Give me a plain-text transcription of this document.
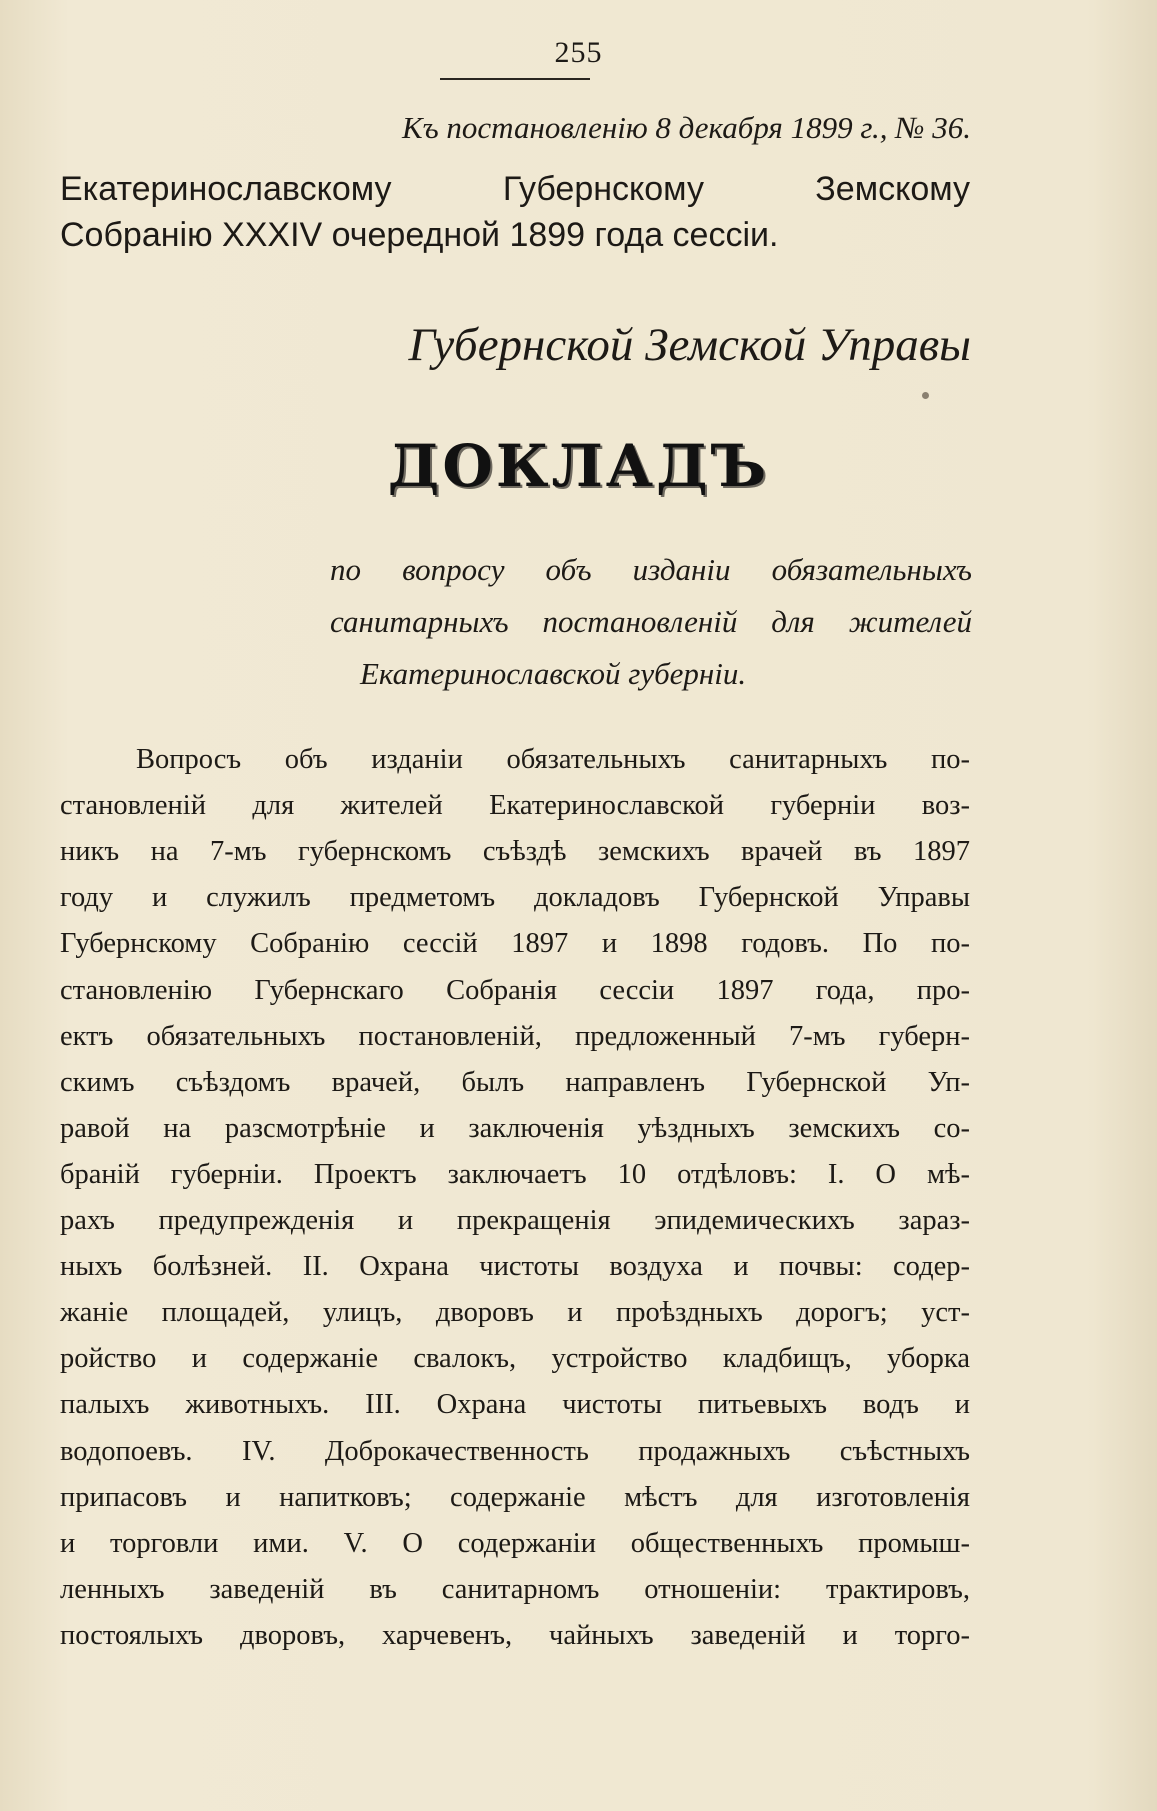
255
Къ постановленію 8 декабря 1899 г., № 36.
Екатеринославскому Губернскому Земскому
Собранію XXXIV очередной 1899 года сессіи.
Губернской Земской Управы
ДОКЛАДЪ
по вопросу объ изданіи обязательныхъ
санитарныхъ постановленій для жителей
Екатеринославской губерніи.
Вопросъ объ изданіи обязательныхъ санитарныхъ по-
становленій для жителей Екатеринославской губерніи воз-
никъ на 7-мъ губернскомъ съѣздѣ земскихъ врачей въ 1897
году и служилъ предметомъ докладовъ Губернской Управы
Губернскому Собранію сессій 1897 и 1898 годовъ. По по-
становленію Губернскаго Собранія сессіи 1897 года, про-
ектъ обязательныхъ постановленій, предложенный 7-мъ губерн-
скимъ съѣздомъ врачей, былъ направленъ Губернской Уп-
равой на разсмотрѣніе и заключенія уѣздныхъ земскихъ со-
браній губерніи. Проектъ заключаетъ 10 отдѣловъ: I. О мѣ-
рахъ предупрежденія и прекращенія эпидемическихъ зараз-
ныхъ болѣзней. II. Охрана чистоты воздуха и почвы: содер-
жаніе площадей, улицъ, дворовъ и проѣздныхъ дорогъ; уст-
ройство и содержаніе свалокъ, устройство кладбищъ, уборка
палыхъ животныхъ. III. Охрана чистоты питьевыхъ водъ и
водопоевъ. IV. Доброкачественность продажныхъ съѣстныхъ
припасовъ и напитковъ; содержаніе мѣстъ для изготовленія
и торговли ими. V. О содержаніи общественныхъ промыш-
ленныхъ заведеній въ санитарномъ отношеніи: трактировъ,
постоялыхъ дворовъ, харчевенъ, чайныхъ заведеній и торго-
